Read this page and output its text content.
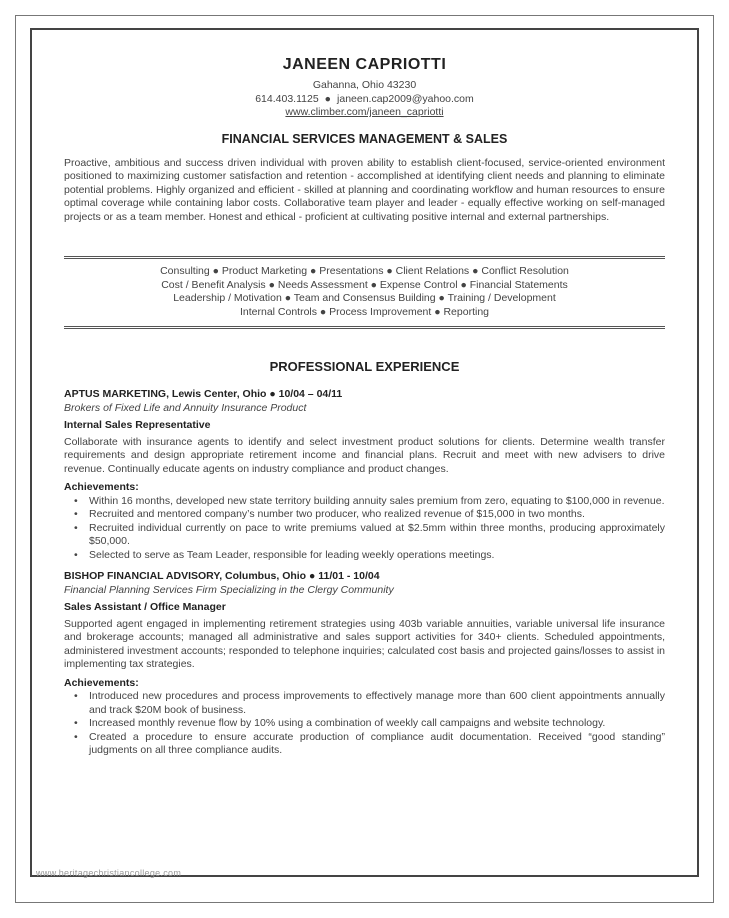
JANEEN CAPRIOTTI
Gahanna, Ohio 43230
614.403.1125 ● janeen.cap2009@yahoo.com
www.climber.com/janeen_capriotti
FINANCIAL SERVICES MANAGEMENT & SALES
Proactive, ambitious and success driven individual with proven ability to establish client-focused, service-oriented environment positioned to maximizing customer satisfaction and retention - accomplished at identifying client needs and planning to eliminate potential problems. Highly organized and efficient - skilled at planning and coordinating workflow and human resources to ensure optimal coverage while containing labor costs. Collaborative team player and leader - equally effective working on self-managed projects or as a team member. Honest and ethical - proficient at cultivating positive internal and external partnerships.
Consulting ● Product Marketing ● Presentations ● Client Relations ● Conflict Resolution
Cost / Benefit Analysis ● Needs Assessment ● Expense Control ● Financial Statements
Leadership / Motivation ● Team and Consensus Building ● Training / Development
Internal Controls ● Process Improvement ● Reporting
PROFESSIONAL EXPERIENCE
APTUS MARKETING, Lewis Center, Ohio ● 10/04 – 04/11
Brokers of Fixed Life and Annuity Insurance Product
Internal Sales Representative
Collaborate with insurance agents to identify and select investment product solutions for clients. Determine wealth transfer requirements and design appropriate retirement income and financial plans. Recruit and meet with new advisers to drive revenue. Continually educate agents on industry compliance and product changes.
Achievements:
• Within 16 months, developed new state territory building annuity sales premium from zero, equating to $100,000 in revenue.
• Recruited and mentored company’s number two producer, who realized revenue of $15,000 in two months.
• Recruited individual currently on pace to write premiums valued at $2.5mm within three months, producing approximately $50,000.
• Selected to serve as Team Leader, responsible for leading weekly operations meetings.
BISHOP FINANCIAL ADVISORY, Columbus, Ohio ● 11/01 - 10/04
Financial Planning Services Firm Specializing in the Clergy Community
Sales Assistant / Office Manager
Supported agent engaged in implementing retirement strategies using 403b variable annuities, variable universal life insurance and brokerage accounts; managed all administrative and sales support activities for 340+ clients. Scheduled appointments, administered investment accounts; responded to telephone inquiries; calculated cost basis and projected gains/losses to assist in implementing tax strategies.
Achievements:
• Introduced new procedures and process improvements to effectively manage more than 600 client appointments annually and track $20M book of business.
• Increased monthly revenue flow by 10% using a combination of weekly call campaigns and website technology.
• Created a procedure to ensure accurate production of compliance audit documentation. Received “good standing” judgments on all three compliance audits.
www.heritagechristiancollege.com
